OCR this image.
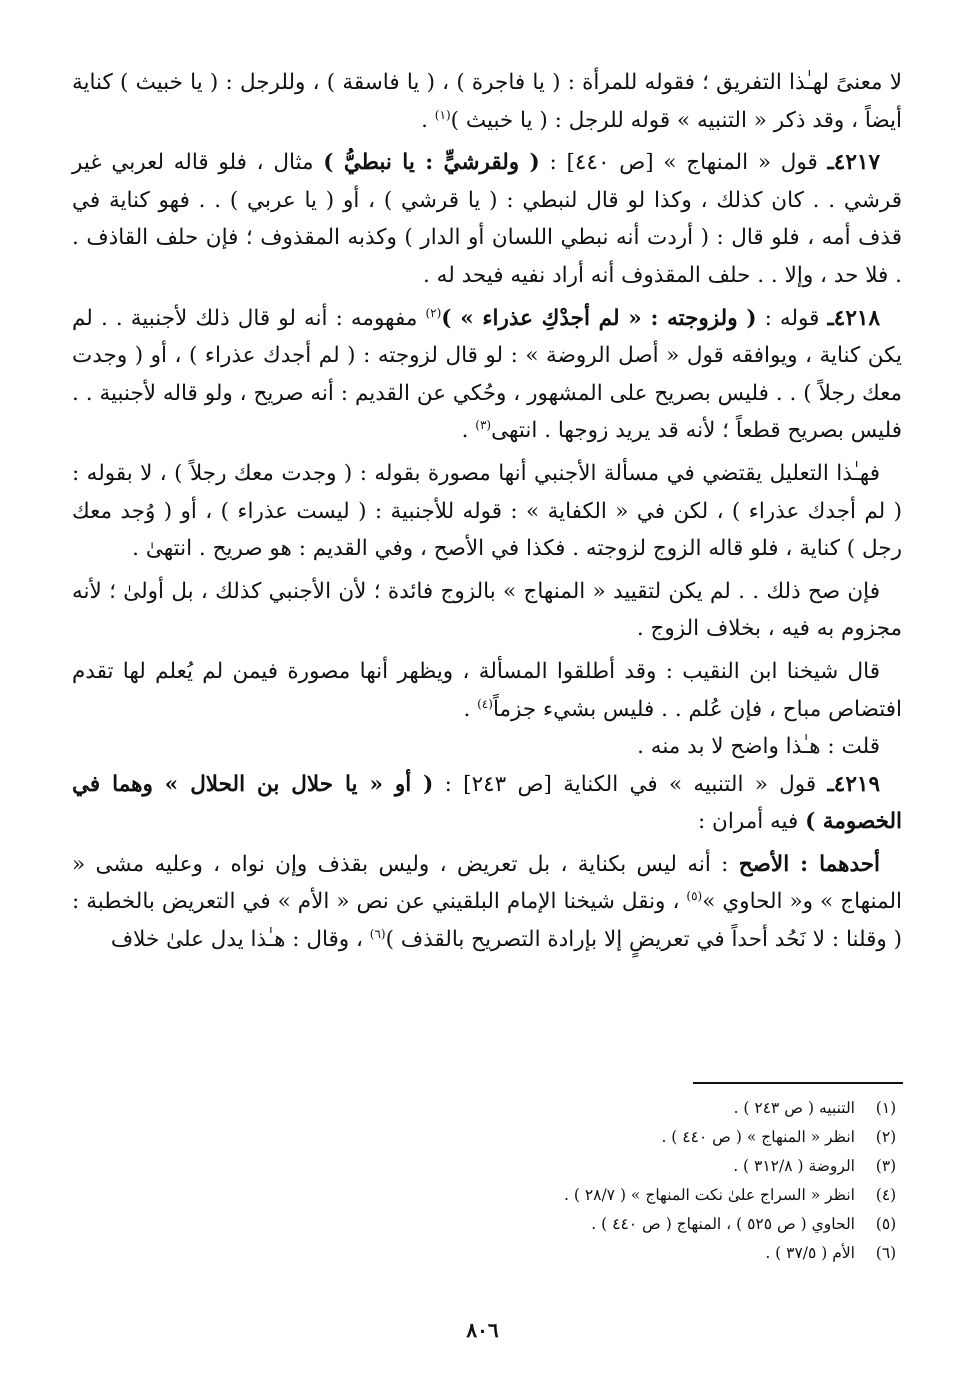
لا معنىً لهـٰذا التفريق ؛ فقوله للمرأة : ( يا فاجرة ) ، ( يا فاسقة ) ، وللرجل : ( يا خبيث ) كناية أيضاً ، وقد ذكر « التنبيه » قوله للرجل : ( يا خبيث )$^{(١)}$ .

٤٢١٧ـ قول « المنهاج » [ص ٤٤٠] : ( ولقرشيٍّ : يا نبطيُّ ) مثال ، فلو قاله لعربي غير قرشي . . كان كذلك ، وكذا لو قال لنبطي : ( يا قرشي ) ، أو ( يا عربي ) . . فهو كناية في قذف أمه ، فلو قال : ( أردت أنه نبطي اللسان أو الدار ) وكذبه المقذوف ؛ فإن حلف القاذف . . فلا حد ، وإلا . . حلف المقذوف أنه أراد نفيه فيحد له .

٤٢١٨ـ قوله : ( ولزوجته : « لم أجدْكِ عذراء » )$^{(٢)}$ مفهومه : أنه لو قال ذلك لأجنبية . . لم يكن كناية ، ويوافقه قول « أصل الروضة » : لو قال لزوجته : ( لم أجدك عذراء ) ، أو ( وجدت معك رجلاً ) . . فليس بصريح على المشهور ، وحُكي عن القديم : أنه صريح ، ولو قاله لأجنبية . . فليس بصريح قطعاً ؛ لأنه قد يريد زوجها . انتهى$^{(٣)}$ .

فهـٰذا التعليل يقتضي في مسألة الأجنبي أنها مصورة بقوله : ( وجدت معك رجلاً ) ، لا بقوله : ( لم أجدك عذراء ) ، لكن في « الكفاية » : قوله للأجنبية : ( ليست عذراء ) ، أو ( وُجد معك رجل ) كناية ، فلو قاله الزوج لزوجته . فكذا في الأصح ، وفي القديم : هو صريح . انتهىٰ .

فإن صح ذلك . . لم يكن لتقييد « المنهاج » بالزوج فائدة ؛ لأن الأجنبي كذلك ، بل أولىٰ ؛ لأنه مجزوم به فيه ، بخلاف الزوج .

قال شيخنا ابن النقيب : وقد أطلقوا المسألة ، ويظهر أنها مصورة فيمن لم يُعلم لها تقدم افتضاص مباح ، فإن عُلم . . فليس بشيء جزماً$^{(٤)}$ .

قلت : هـٰذا واضح لا بد منه .

٤٢١٩ـ قول « التنبيه » في الكناية [ص ٢٤٣] : ( أو « يا حلال بن الحلال » وهما في الخصومة ) فيه أمران :

أحدهما : الأصح : أنه ليس بكناية ، بل تعريض ، وليس بقذف وإن نواه ، وعليه مشى « المنهاج » و« الحاوي »$^{(٥)}$ ، ونقل شيخنا الإمام البلقيني عن نص « الأم » في التعريض بالخطبة : ( وقلنا : لا نَحُد أحداً في تعريضٍ إلا بإرادة التصريح بالقذف )$^{(٦)}$ ، وقال : هـٰذا يدل علىٰ خلاف

(١)
التنبيه ( ص ٢٤٣ ) .
(٢)
انظر « المنهاج » ( ص ٤٤٠ ) .
(٣)
الروضة ( ٣١٢/٨ ) .
(٤)
انظر « السراج علىٰ نكت المنهاج » ( ٢٨/٧ ) .
(٥)
الحاوي ( ص ٥٢٥ ) ، المنهاج ( ص ٤٤٠ ) .
(٦)
الأم ( ٣٧/٥ ) .
٨٠٦
